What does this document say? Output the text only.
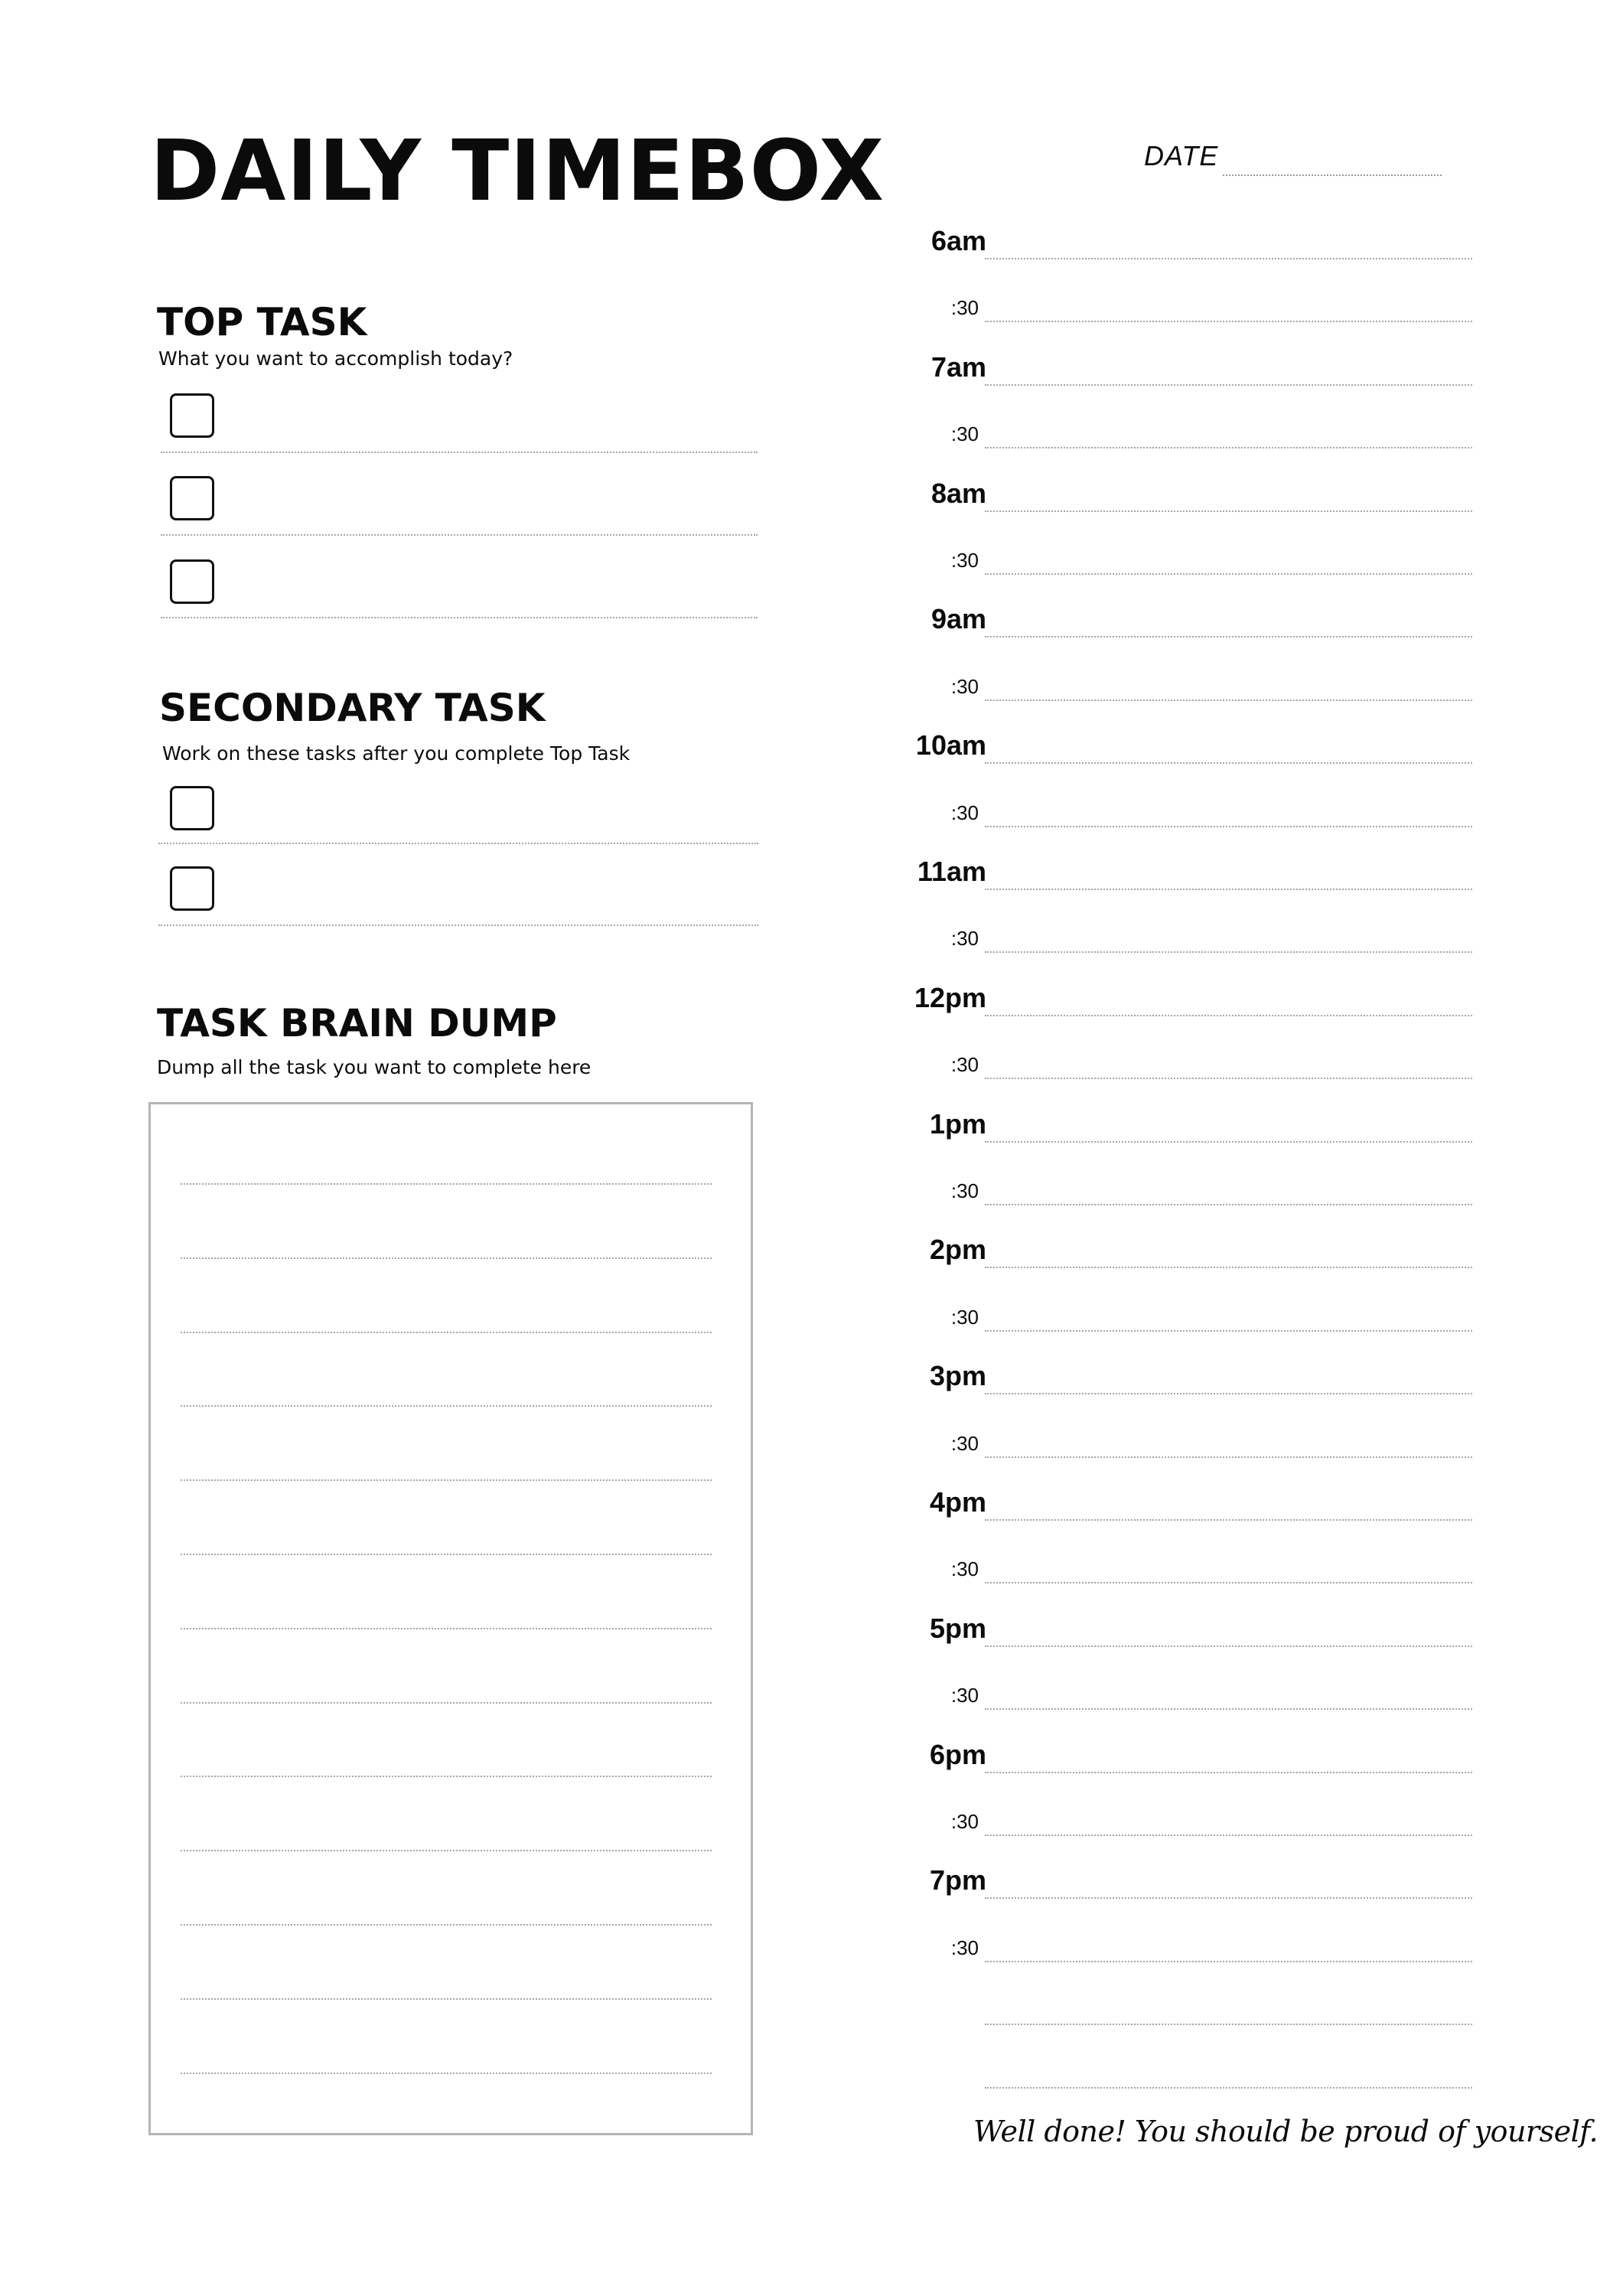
DAILY TIMEBOX	DATE
TOP TASK
What you want to accomplish today?
SECONDARY TASK
Work on these tasks after you complete Top Task
TASK BRAIN DUMP
Dump all the task you want to complete here
6am
:30
7am
:30
8am
:30
9am
:30
10am
:30
11am
:30
12pm
:30
1pm
:30
2pm
:30
3pm
:30
4pm
:30
5pm
:30
6pm
:30
7pm
:30
Well done! You should be proud of yourself.
